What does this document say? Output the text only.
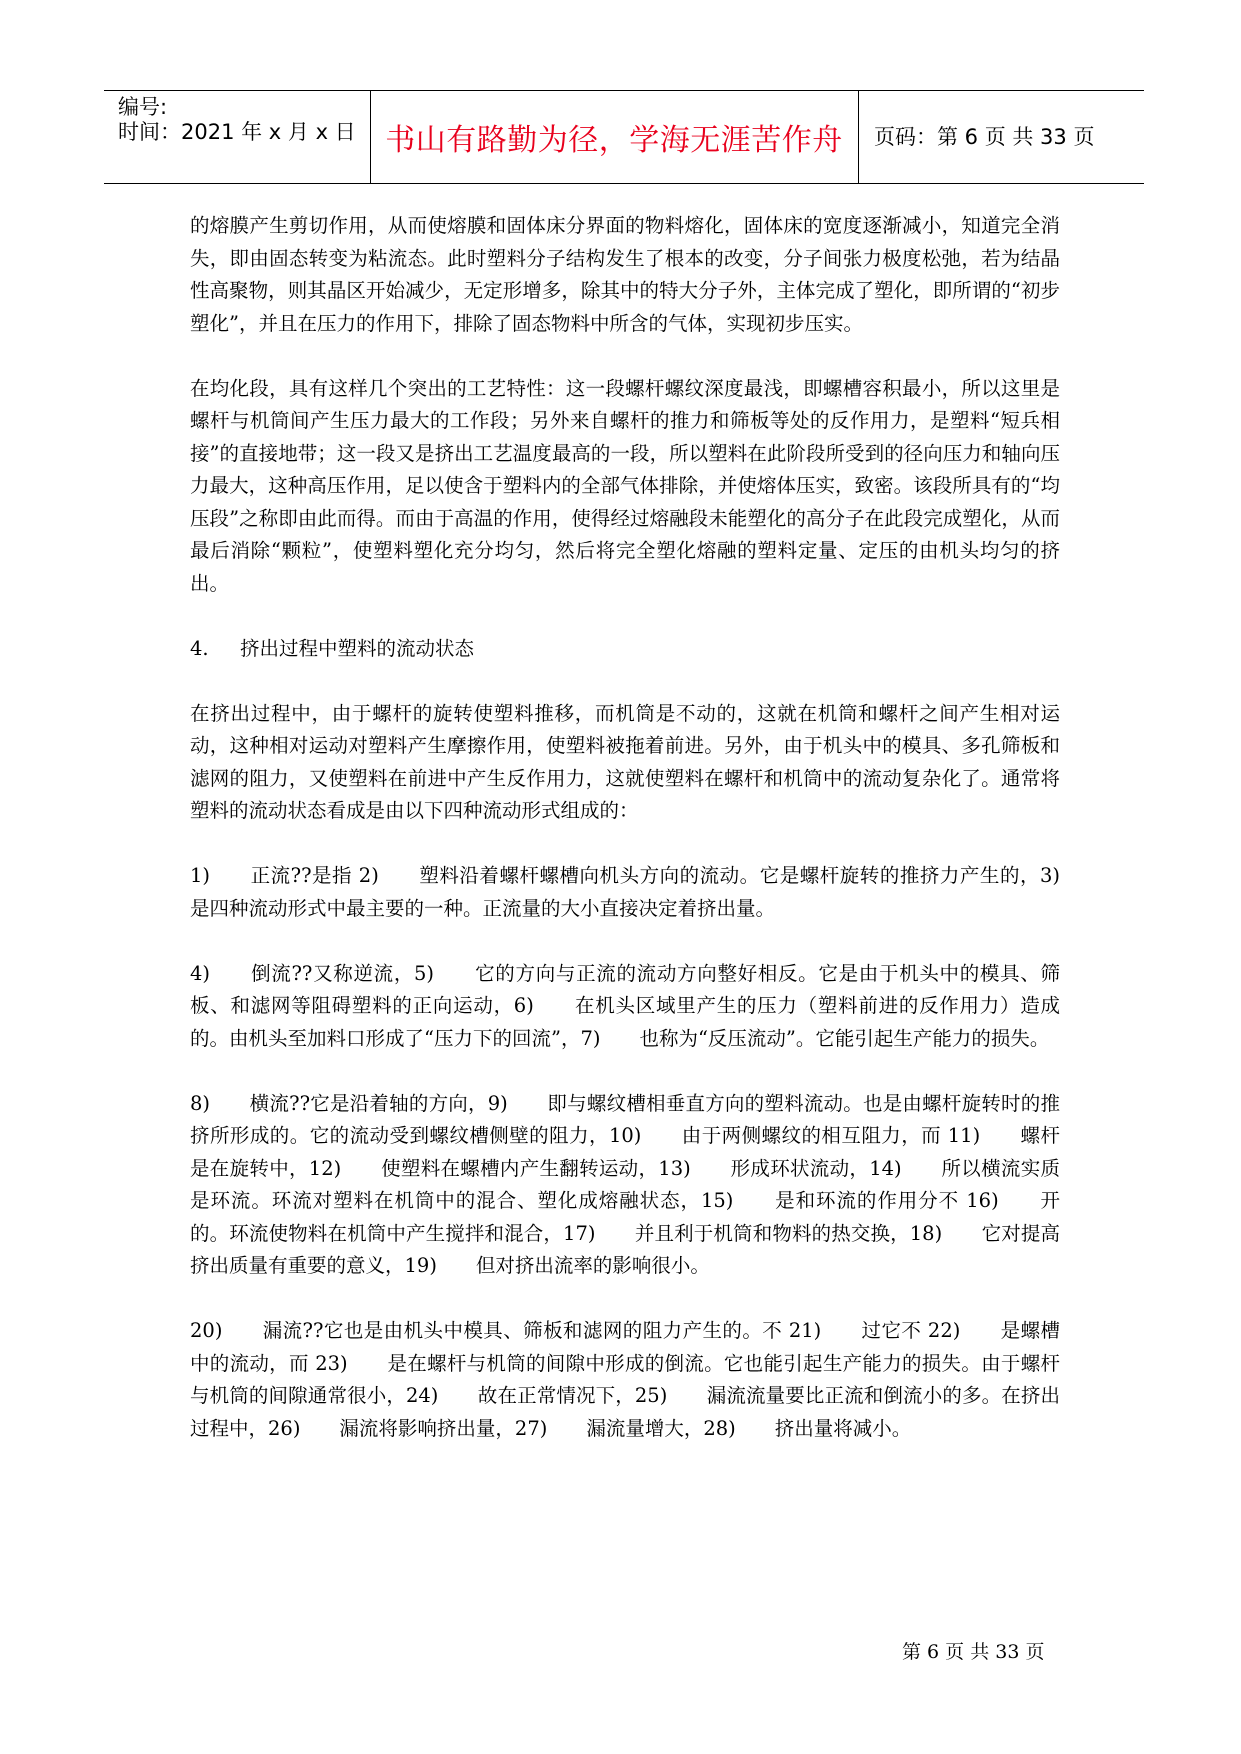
编号:
时间：2021 年 x 月 x 日 书山有路勤为径，学海无涯苦作舟 页码：第 6 页 共 33 页

的熔膜产生剪切作用，从而使熔膜和固体床分界面的物料熔化，固体床的宽度逐渐减小，知道完全消失，即由固态转变为粘流态。此时塑料分子结构发生了根本的改变，分子间张力极度松弛，若为结晶性高聚物，则其晶区开始减少，无定形增多，除其中的特大分子外，主体完成了塑化，即所谓的“初步塑化”，并且在压力的作用下，排除了固态物料中所含的气体，实现初步压实。

在均化段，具有这样几个突出的工艺特性：这一段螺杆螺纹深度最浅，即螺槽容积最小，所以这里是螺杆与机筒间产生压力最大的工作段；另外来自螺杆的推力和筛板等处的反作用力，是塑料“短兵相接”的直接地带；这一段又是挤出工艺温度最高的一段，所以塑料在此阶段所受到的径向压力和轴向压力最大，这种高压作用，足以使含于塑料内的全部气体排除，并使熔体压实，致密。该段所具有的“均压段”之称即由此而得。而由于高温的作用，使得经过熔融段未能塑化的高分子在此段完成塑化，从而最后消除“颗粒”，使塑料塑化充分均匀，然后将完全塑化熔融的塑料定量、定压的由机头均匀的挤出。

4. 挤出过程中塑料的流动状态

在挤出过程中，由于螺杆的旋转使塑料推移，而机筒是不动的，这就在机筒和螺杆之间产生相对运动，这种相对运动对塑料产生摩擦作用，使塑料被拖着前进。另外，由于机头中的模具、多孔筛板和滤网的阻力，又使塑料在前进中产生反作用力，这就使塑料在螺杆和机筒中的流动复杂化了。通常将塑料的流动状态看成是由以下四种流动形式组成的：

1)　　正流??是指 2)　　塑料沿着螺杆螺槽向机头方向的流动。它是螺杆旋转的推挤力产生的，3)　　是四种流动形式中最主要的一种。正流量的大小直接决定着挤出量。

4)　　倒流??又称逆流，5)　　它的方向与正流的流动方向整好相反。它是由于机头中的模具、筛板、和滤网等阻碍塑料的正向运动，6)　　在机头区域里产生的压力（塑料前进的反作用力）造成的。由机头至加料口形成了“压力下的回流”，7)　　也称为“反压流动”。它能引起生产能力的损失。

8)　　横流??它是沿着轴的方向，9)　　即与螺纹槽相垂直方向的塑料流动。也是由螺杆旋转时的推挤所形成的。它的流动受到螺纹槽侧壁的阻力，10)　　由于两侧螺纹的相互阻力，而 11)　　螺杆是在旋转中，12)　　使塑料在螺槽内产生翻转运动，13)　　形成环状流动，14)　　所以横流实质是环流。环流对塑料在机筒中的混合、塑化成熔融状态，15)　　是和环流的作用分不 16)　　开的。环流使物料在机筒中产生搅拌和混合，17)　　并且利于机筒和物料的热交换，18)　　它对提高挤出质量有重要的意义，19)　　但对挤出流率的影响很小。

20)　　漏流??它也是由机头中模具、筛板和滤网的阻力产生的。不 21)　　过它不 22)　　是螺槽中的流动，而 23)　　是在螺杆与机筒的间隙中形成的倒流。它也能引起生产能力的损失。由于螺杆与机筒的间隙通常很小，24)　　故在正常情况下，25)　　漏流流量要比正流和倒流小的多。在挤出过程中，26)　　漏流将影响挤出量，27)　　漏流量增大，28)　　挤出量将减小。

第 6 页 共 33 页
